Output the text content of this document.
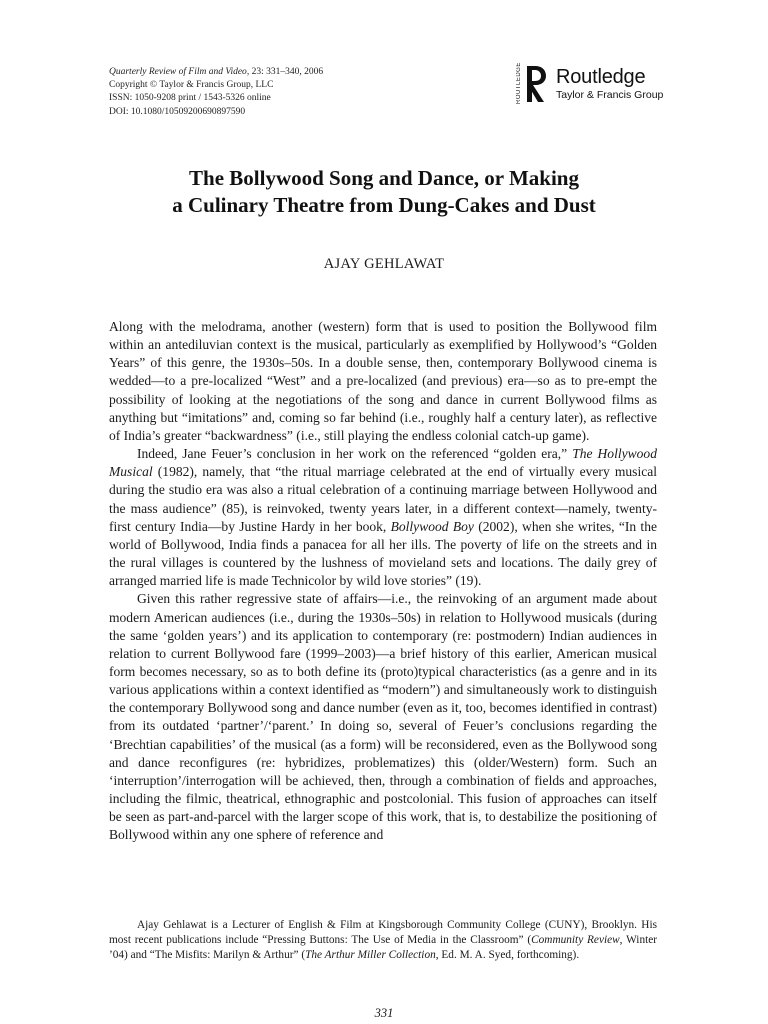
Quarterly Review of Film and Video, 23: 331–340, 2006
Copyright © Taylor & Francis Group, LLC
ISSN: 1050-9208 print / 1543-5326 online
DOI: 10.1080/10509200690897590
ROUTLEDGE Routledge
Taylor & Francis Group
The Bollywood Song and Dance, or Making
a Culinary Theatre from Dung-Cakes and Dust
AJAY GEHLAWAT

Along with the melodrama, another (western) form that is used to position the Bollywood film within an antediluvian context is the musical, particularly as exemplified by Hollywood’s “Golden Years” of this genre, the 1930s–50s. In a double sense, then, contemporary Bollywood cinema is wedded—to a pre-localized “West” and a pre-localized (and previous) era—so as to pre-empt the possibility of looking at the negotiations of the song and dance in current Bollywood films as anything but “imitations” and, coming so far behind (i.e., roughly half a century later), as reflective of India’s greater “backwardness” (i.e., still playing the endless colonial catch-up game).

Indeed, Jane Feuer’s conclusion in her work on the referenced “golden era,” The Hollywood Musical (1982), namely, that “the ritual marriage celebrated at the end of virtually every musical during the studio era was also a ritual celebration of a continuing marriage between Hollywood and the mass audience” (85), is reinvoked, twenty years later, in a different context—namely, twenty-first century India—by Justine Hardy in her book, Bollywood Boy (2002), when she writes, “In the world of Bollywood, India finds a panacea for all her ills. The poverty of life on the streets and in the rural villages is countered by the lushness of movieland sets and locations. The daily grey of arranged married life is made Technicolor by wild love stories” (19).

Given this rather regressive state of affairs—i.e., the reinvoking of an argument made about modern American audiences (i.e., during the 1930s–50s) in relation to Hollywood musicals (during the same ‘golden years’) and its application to contemporary (re: postmodern) Indian audiences in relation to current Bollywood fare (1999–2003)—a brief history of this earlier, American musical form becomes necessary, so as to both define its (proto)typical characteristics (as a genre and in its various applications within a context identified as “modern”) and simultaneously work to distinguish the contemporary Bollywood song and dance number (even as it, too, becomes identified in contrast) from its outdated ‘partner’/‘parent.’ In doing so, several of Feuer’s conclusions regarding the ‘Brechtian capabilities’ of the musical (as a form) will be reconsidered, even as the Bollywood song and dance reconfigures (re: hybridizes, problematizes) this (older/Western) form. Such an ‘interruption’/interrogation will be achieved, then, through a combination of fields and approaches, including the filmic, theatrical, ethnographic and postcolonial. This fusion of approaches can itself be seen as part-and-parcel with the larger scope of this work, that is, to destabilize the positioning of Bollywood within any one sphere of reference and

Ajay Gehlawat is a Lecturer of English & Film at Kingsborough Community College (CUNY), Brooklyn. His most recent publications include “Pressing Buttons: The Use of Media in the Classroom” (Community Review, Winter ’04) and “The Misfits: Marilyn & Arthur” (The Arthur Miller Collection, Ed. M. A. Syed, forthcoming).

331
